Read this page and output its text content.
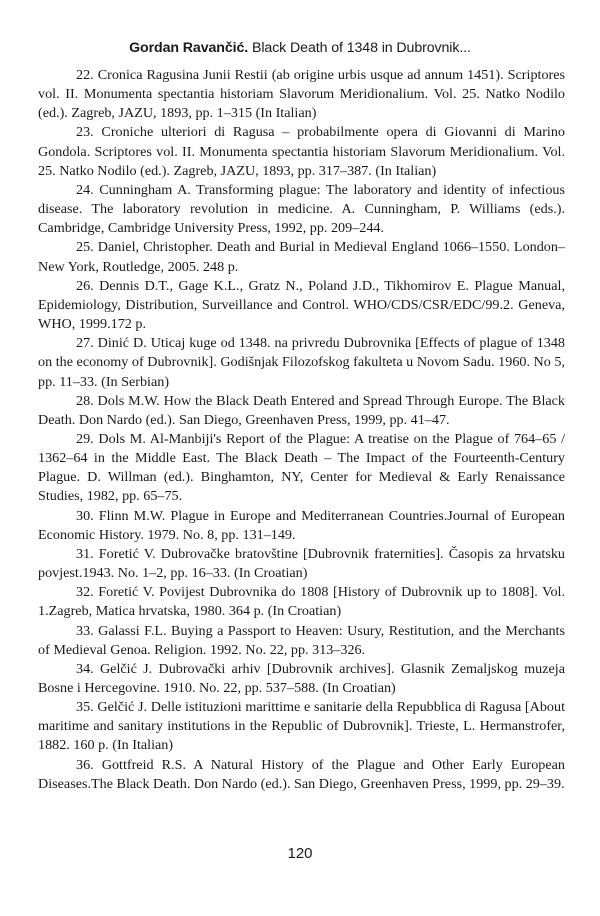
Gordan Ravančić. Black Death of 1348 in Dubrovnik...
22. Cronica Ragusina Junii Restii (ab origine urbis usque ad annum 1451). Scriptores vol. II. Monumenta spectantia historiam Slavorum Meridionalium. Vol. 25. Natko Nodilo (ed.). Zagreb, JAZU, 1893, pp. 1–315 (In Italian)
23. Croniche ulteriori di Ragusa – probabilmente opera di Giovanni di Marino Gondola. Scriptores vol. II. Monumenta spectantia historiam Slavorum Meridionalium. Vol. 25. Natko Nodilo (ed.). Zagreb, JAZU, 1893, pp. 317–387. (In Italian)
24. Cunningham A. Transforming plague: The laboratory and identity of infectious disease. The laboratory revolution in medicine. A. Cunningham, P. Williams (eds.). Cambridge, Cambridge University Press, 1992, pp. 209–244.
25. Daniel, Christopher. Death and Burial in Medieval England 1066–1550. London–New York, Routledge, 2005. 248 p.
26. Dennis D.T., Gage K.L., Gratz N., Poland J.D., Tikhomirov E. Plague Manual, Epidemiology, Distribution, Surveillance and Control. WHO/CDS/CSR/EDC/99.2. Geneva, WHO, 1999.172 p.
27. Dinić D. Uticaj kuge od 1348. na privredu Dubrovnika [Effects of plague of 1348 on the economy of Dubrovnik]. Godišnjak Filozofskog fakulteta u Novom Sadu. 1960. No 5, pp. 11–33. (In Serbian)
28. Dols M.W. How the Black Death Entered and Spread Through Europe. The Black Death. Don Nardo (ed.). San Diego, Greenhaven Press, 1999, pp. 41–47.
29. Dols M. Al-Manbiji's Report of the Plague: A treatise on the Plague of 764–65 / 1362–64 in the Middle East. The Black Death – The Impact of the Fourteenth-Century Plague. D. Willman (ed.). Binghamton, NY, Center for Medieval & Early Renaissance Studies, 1982, pp. 65–75.
30. Flinn M.W. Plague in Europe and Mediterranean Countries.Journal of European Economic History. 1979. No. 8, pp. 131–149.
31. Foretić V. Dubrovačke bratovštine [Dubrovnik fraternities]. Časopis za hrvatsku povjest.1943. No. 1–2, pp. 16–33. (In Croatian)
32. Foretić V. Povijest Dubrovnika do 1808 [History of Dubrovnik up to 1808]. Vol. 1.Zagreb, Matica hrvatska, 1980. 364 p. (In Croatian)
33. Galassi F.L. Buying a Passport to Heaven: Usury, Restitution, and the Merchants of Medieval Genoa. Religion. 1992. No. 22, pp. 313–326.
34. Gelčić J. Dubrovački arhiv [Dubrovnik archives]. Glasnik Zemaljskog muzeja Bosne i Hercegovine. 1910. No. 22, pp. 537–588. (In Croatian)
35. Gelčić J. Delle istituzioni marittime e sanitarie della Repubblica di Ragusa [About maritime and sanitary institutions in the Republic of Dubrovnik]. Trieste, L. Hermanstrofer, 1882. 160 p. (In Italian)
36. Gottfreid R.S. A Natural History of the Plague and Other Early European Diseases.The Black Death. Don Nardo (ed.). San Diego, Greenhaven Press, 1999, pp. 29–39.
120
